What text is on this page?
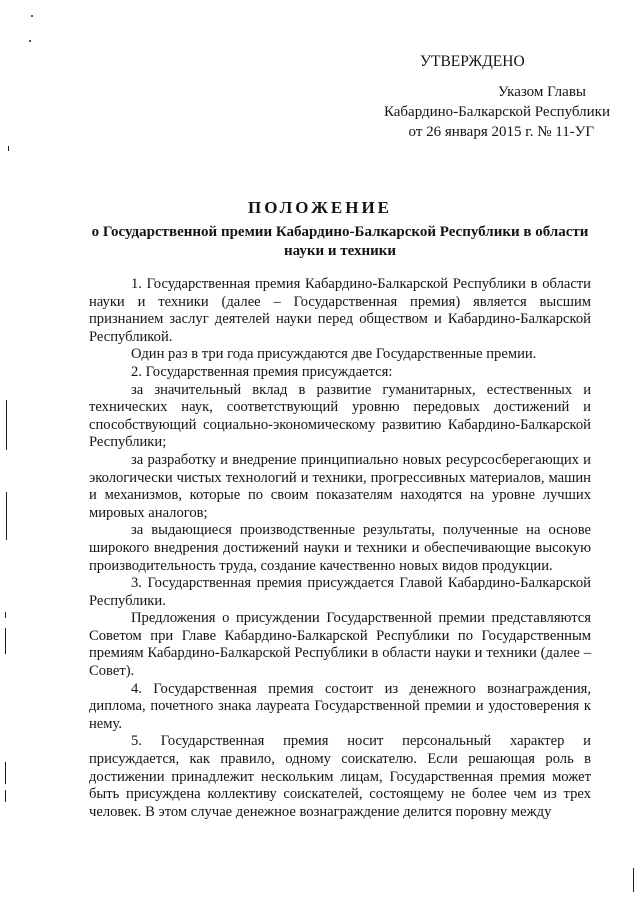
УТВЕРЖДЕНО
Указом Главы
Кабардино-Балкарской Республики
от 26 января 2015 г. № 11-УГ
ПОЛОЖЕНИЕ
о Государственной премии Кабардино-Балкарской Республики в области науки и техники

1. Государственная премия Кабардино-Балкарской Республики в области науки и техники (далее – Государственная премия) является высшим признанием заслуг деятелей науки перед обществом и Кабардино-Балкарской Республикой.

Один раз в три года присуждаются две Государственные премии.

2. Государственная премия присуждается:

за значительный вклад в развитие гуманитарных, естественных и технических наук, соответствующий уровню передовых достижений и способствующий социально-экономическому развитию Кабардино-Балкарской Республики;

за разработку и внедрение принципиально новых ресурсосберегающих и экологически чистых технологий и техники, прогрессивных материалов, машин и механизмов, которые по своим показателям находятся на уровне лучших мировых аналогов;

за выдающиеся производственные результаты, полученные на основе широкого внедрения достижений науки и техники и обеспечивающие высокую производительность труда, создание качественно новых видов продукции.

3. Государственная премия присуждается Главой Кабардино-Балкарской Республики.

Предложения о присуждении Государственной премии представляются Советом при Главе Кабардино-Балкарской Республики по Государственным премиям Кабардино-Балкарской Республики в области науки и техники (далее – Совет).

4. Государственная премия состоит из денежного вознаграждения, диплома, почетного знака лауреата Государственной премии и удостоверения к нему.

5. Государственная премия носит персональный характер и присуждается, как правило, одному соискателю. Если решающая роль в достижении принадлежит нескольким лицам, Государственная премия может быть присуждена коллективу соискателей, состоящему не более чем из трех человек. В этом случае денежное вознаграждение делится поровну между
